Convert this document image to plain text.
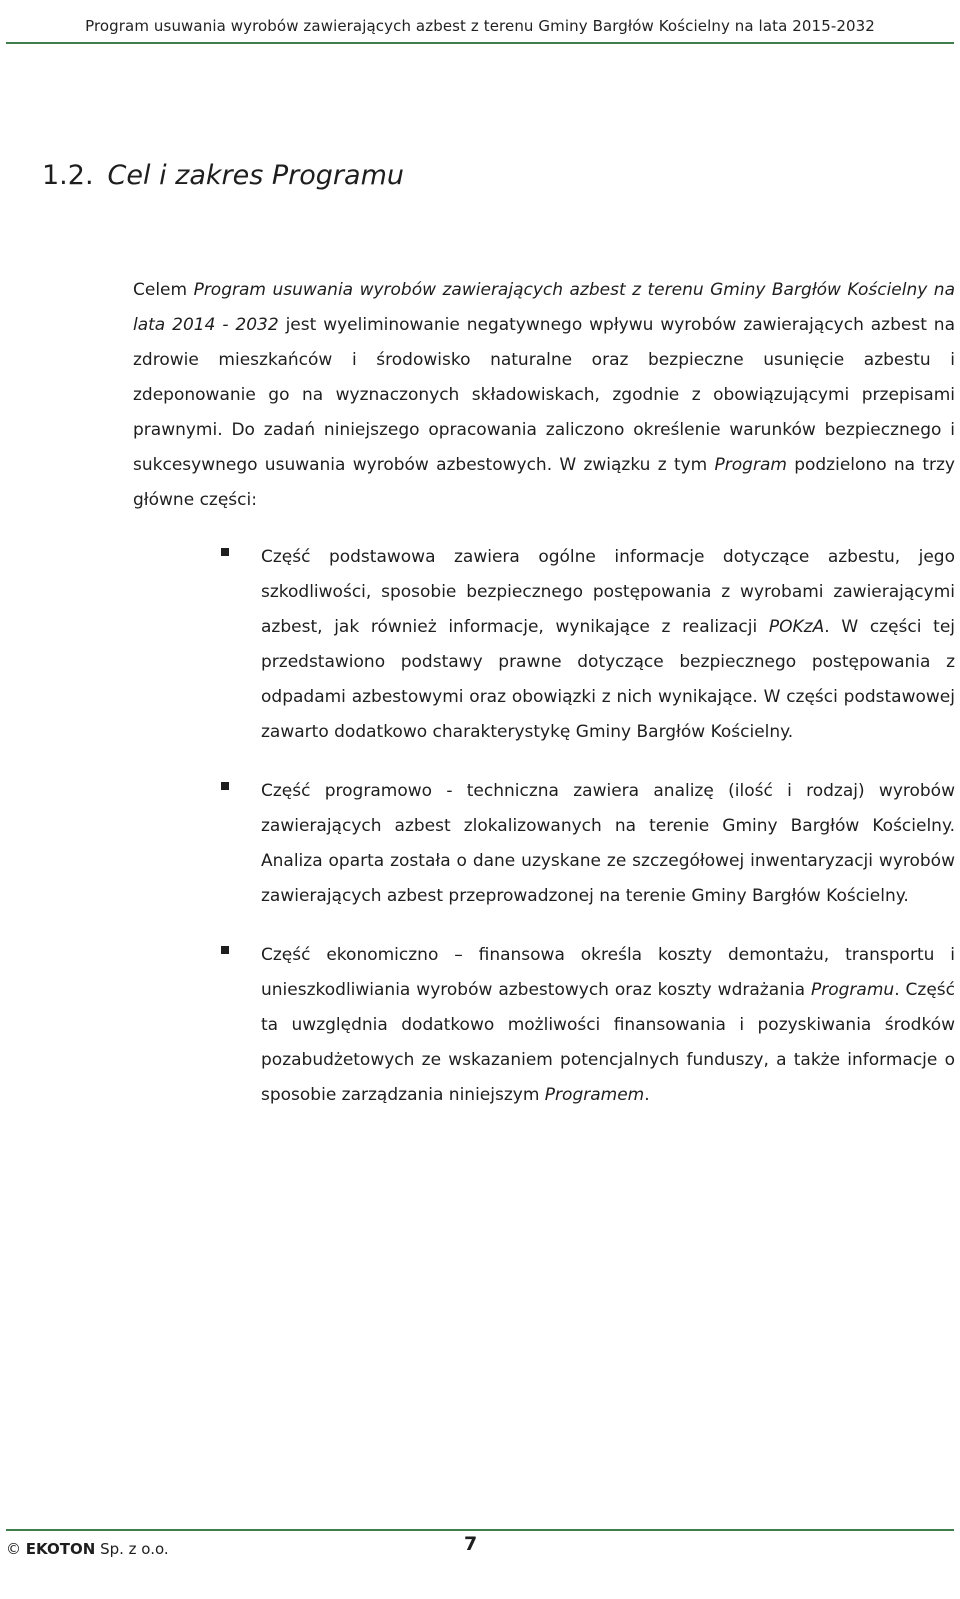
Program usuwania wyrobów zawierających azbest z terenu Gminy Bargłów Kościelny na lata 2015-2032
1.2. Cel i zakres Programu

Celem Program usuwania wyrobów zawierających azbest z terenu Gminy Bargłów Kościelny na lata 2014 - 2032 jest wyeliminowanie negatywnego wpływu wyrobów zawierających azbest na zdrowie mieszkańców i środowisko naturalne oraz bezpieczne usunięcie azbestu i zdeponowanie go na wyznaczonych składowiskach, zgodnie z obowiązującymi przepisami prawnymi. Do zadań niniejszego opracowania zaliczono określenie warunków bezpiecznego i sukcesywnego usuwania wyrobów azbestowych. W związku z tym Program podzielono na trzy główne części:

Część podstawowa zawiera ogólne informacje dotyczące azbestu, jego szkodliwości, sposobie bezpiecznego postępowania z wyrobami zawierającymi azbest, jak również informacje, wynikające z realizacji POKzA. W części tej przedstawiono podstawy prawne dotyczące bezpiecznego postępowania z odpadami azbestowymi oraz obowiązki z nich wynikające. W części podstawowej zawarto dodatkowo charakterystykę Gminy Bargłów Kościelny.
Część programowo - techniczna zawiera analizę (ilość i rodzaj) wyrobów zawierających azbest zlokalizowanych na terenie Gminy Bargłów Kościelny. Analiza oparta została o dane uzyskane ze szczegółowej inwentaryzacji wyrobów zawierających azbest przeprowadzonej na terenie Gminy Bargłów Kościelny.
Część ekonomiczno – finansowa określa koszty demontażu, transportu i unieszkodliwiania wyrobów azbestowych oraz koszty wdrażania Programu. Część ta uwzględnia dodatkowo możliwości finansowania i pozyskiwania środków pozabudżetowych ze wskazaniem potencjalnych funduszy, a także informacje o sposobie zarządzania niniejszym Programem.
© EKOTON Sp. z o.o.	7
